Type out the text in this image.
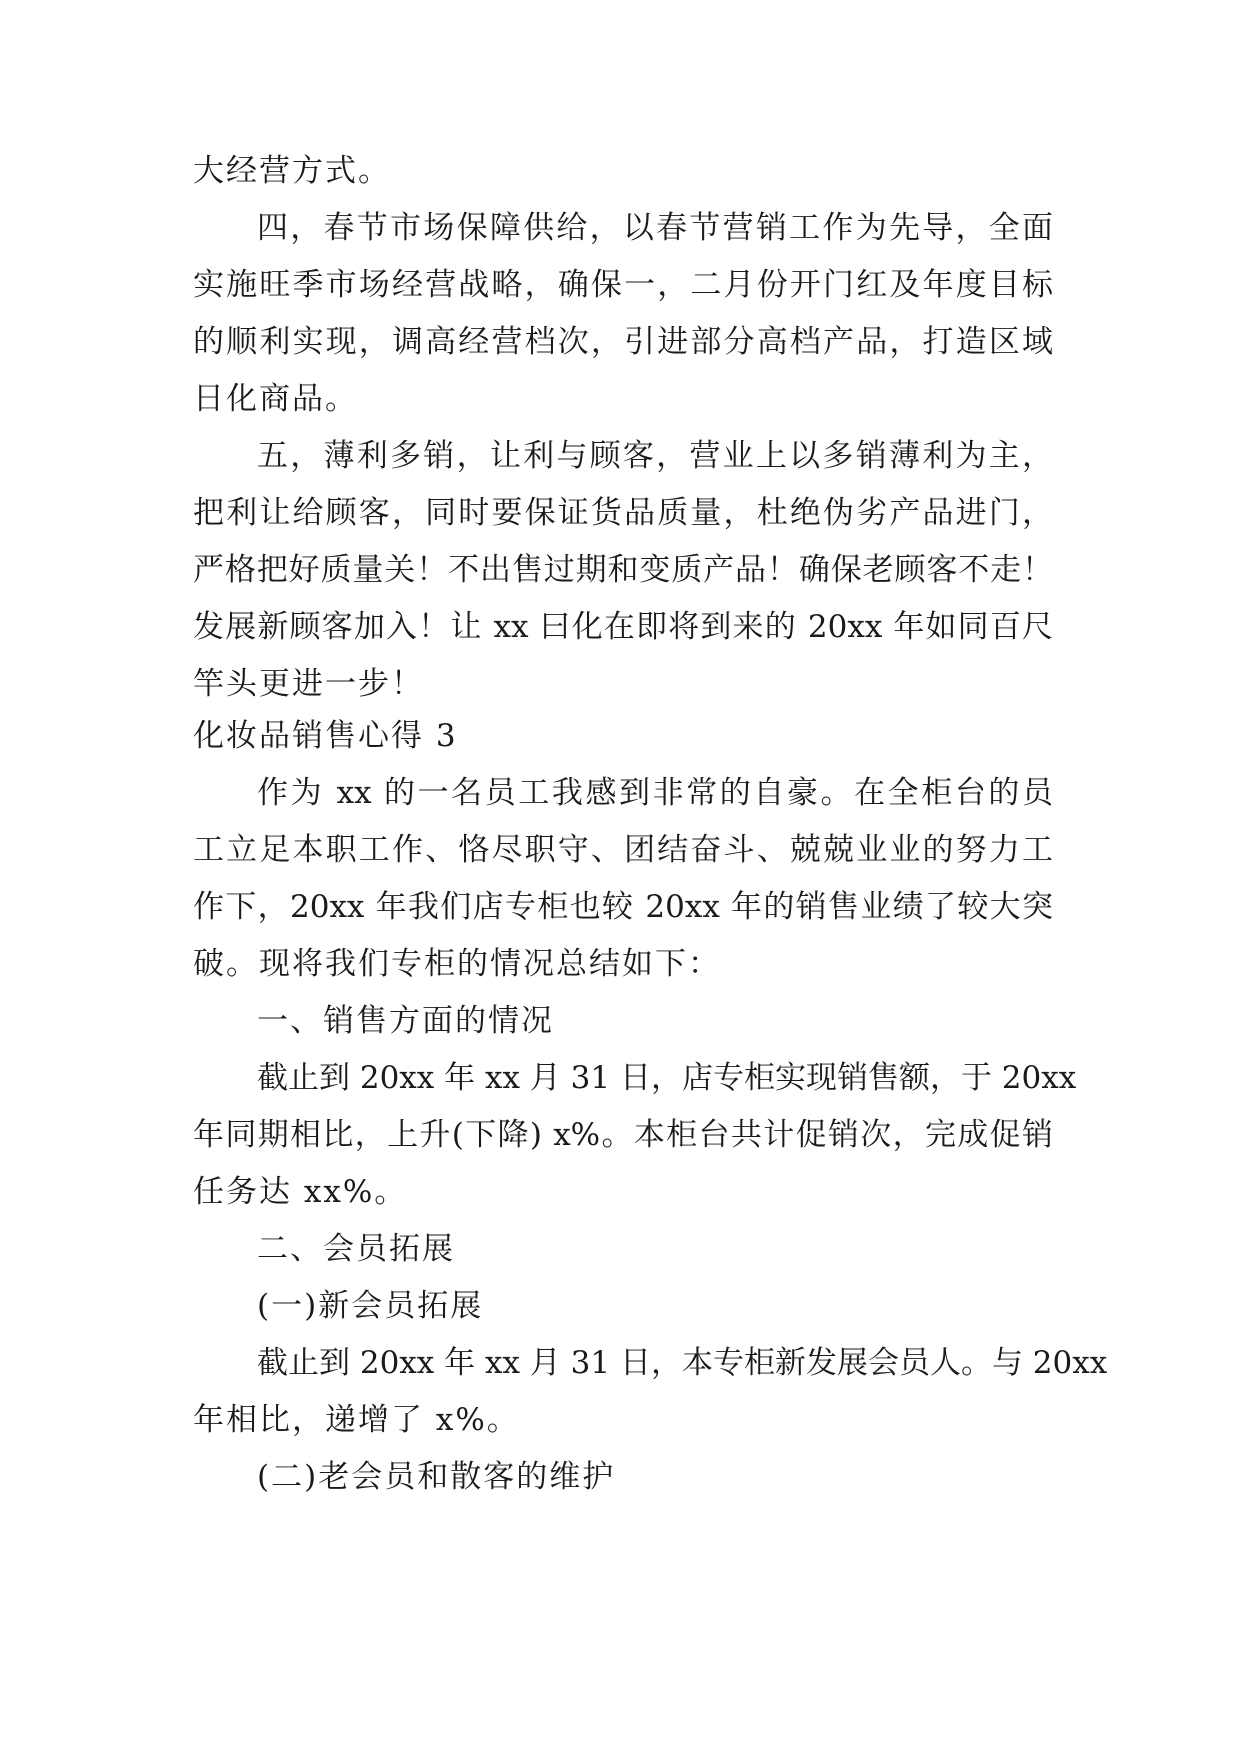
大经营方式。
四，春节市场保障供给，以春节营销工作为先导，全面
实施旺季市场经营战略，确保一，二月份开门红及年度目标
的顺利实现，调高经营档次，引进部分高档产品，打造区域
日化商品。
五，薄利多销，让利与顾客，营业上以多销薄利为主，
把利让给顾客，同时要保证货品质量，杜绝伪劣产品进门，
严格把好质量关！不出售过期和变质产品！确保老顾客不走！
发展新顾客加入！让 xx 曰化在即将到来的 20xx 年如同百尺
竿头更进一步！
化妆品销售心得 3
作为 xx 的一名员工我感到非常的自豪。在全柜台的员
工立足本职工作、恪尽职守、团结奋斗、兢兢业业的努力工
作下，20xx 年我们店专柜也较 20xx 年的销售业绩了较大突
破。现将我们专柜的情况总结如下：
一、销售方面的情况
截止到 20xx 年 xx 月 31 日，店专柜实现销售额，于 20xx
年同期相比，上升(下降) x%。本柜台共计促销次，完成促销
任务达 xx%。
二、会员拓展
(一)新会员拓展
截止到 20xx 年 xx 月 31 日，本专柜新发展会员人。与 20xx
年相比，递增了 x%。
(二)老会员和散客的维护
